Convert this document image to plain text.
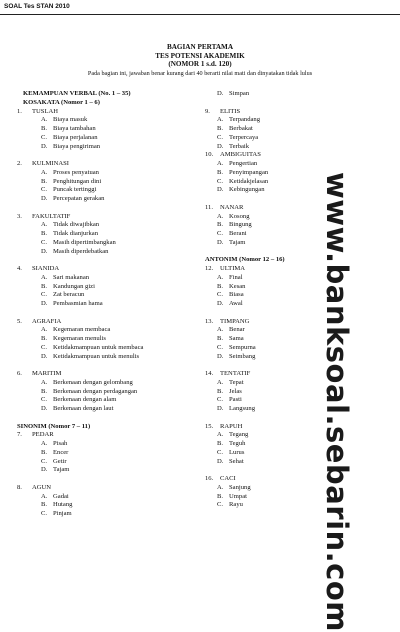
SOAL Tes STAN 2010
BAGIAN PERTAMA
TES POTENSI AKADEMIK
(NOMOR 1 s.d. 120)
Pada bagian ini, jawaban benar kurang dari 40 berarti nilai mati dan dinyatakan tidak lulus
KEMAMPUAN VERBAL (No. 1 – 35)
KOSAKATA (Nomor 1 – 6)
1. TUSLAH
A. Biaya masuk
B. Biaya tambahan
C. Biaya perjalanan
D. Biaya pengiriman
2. KULMINASI
A. Proses penyatuan
B. Penghitungan dini
C. Puncak tertinggi
D. Percepatan gerakan
3. FAKULTATIF
A. Tidak diwajibkan
B. Tidak dianjurkan
C. Masih dipertimbangkan
D. Masih diperdebatkan
4. SIANIDA
A. Sari makanan
B. Kandungan gizi
C. Zat beracun
D. Pembasmian hama
5. AGRAFIA
A. Kegemaran membaca
B. Kegemaran menulis
C. Ketidakmampuan untuk membaca
D. Ketidakmampuan untuk menulis
6. MARITIM
A. Berkenaan dengan gelombang
B. Berkenaan dengan perdagangan
C. Berkenaan dengan alam
D. Berkenaan dengan laut
SINONIM (Nomor 7 – 11)
7. PEDAR
A. Pisah
B. Encer
C. Getir
D. Tajam
8. AGUN
A. Gadai
B. Hutang
C. Pinjam
D. Simpan
9. ELITIS
A. Terpandang
B. Berbakat
C. Terpercaya
D. Terbaik
10. AMBIGUITAS
A. Pengertian
B. Penyimpangan
C. Ketidakjelasan
D. Kebingungan
11. NANAR
A. Kosong
B. Bingung
C. Berani
D. Tajam
ANTONIM (Nomor 12 – 16)
12. ULTIMA
A. Final
B. Kesan
C. Biasa
D. Awal
13. TIMPANG
A. Benar
B. Sama
C. Sempurna
D. Seimbang
14. TENTATIF
A. Tepat
B. Jelas
C. Pasti
D. Langsung
15. RAPUH
A. Tegang
B. Teguh
C. Lurus
D. Sehat
16. CACI
A. Sanjung
B. Umpat
C. Rayu	www.banksoal.sebarin.com
